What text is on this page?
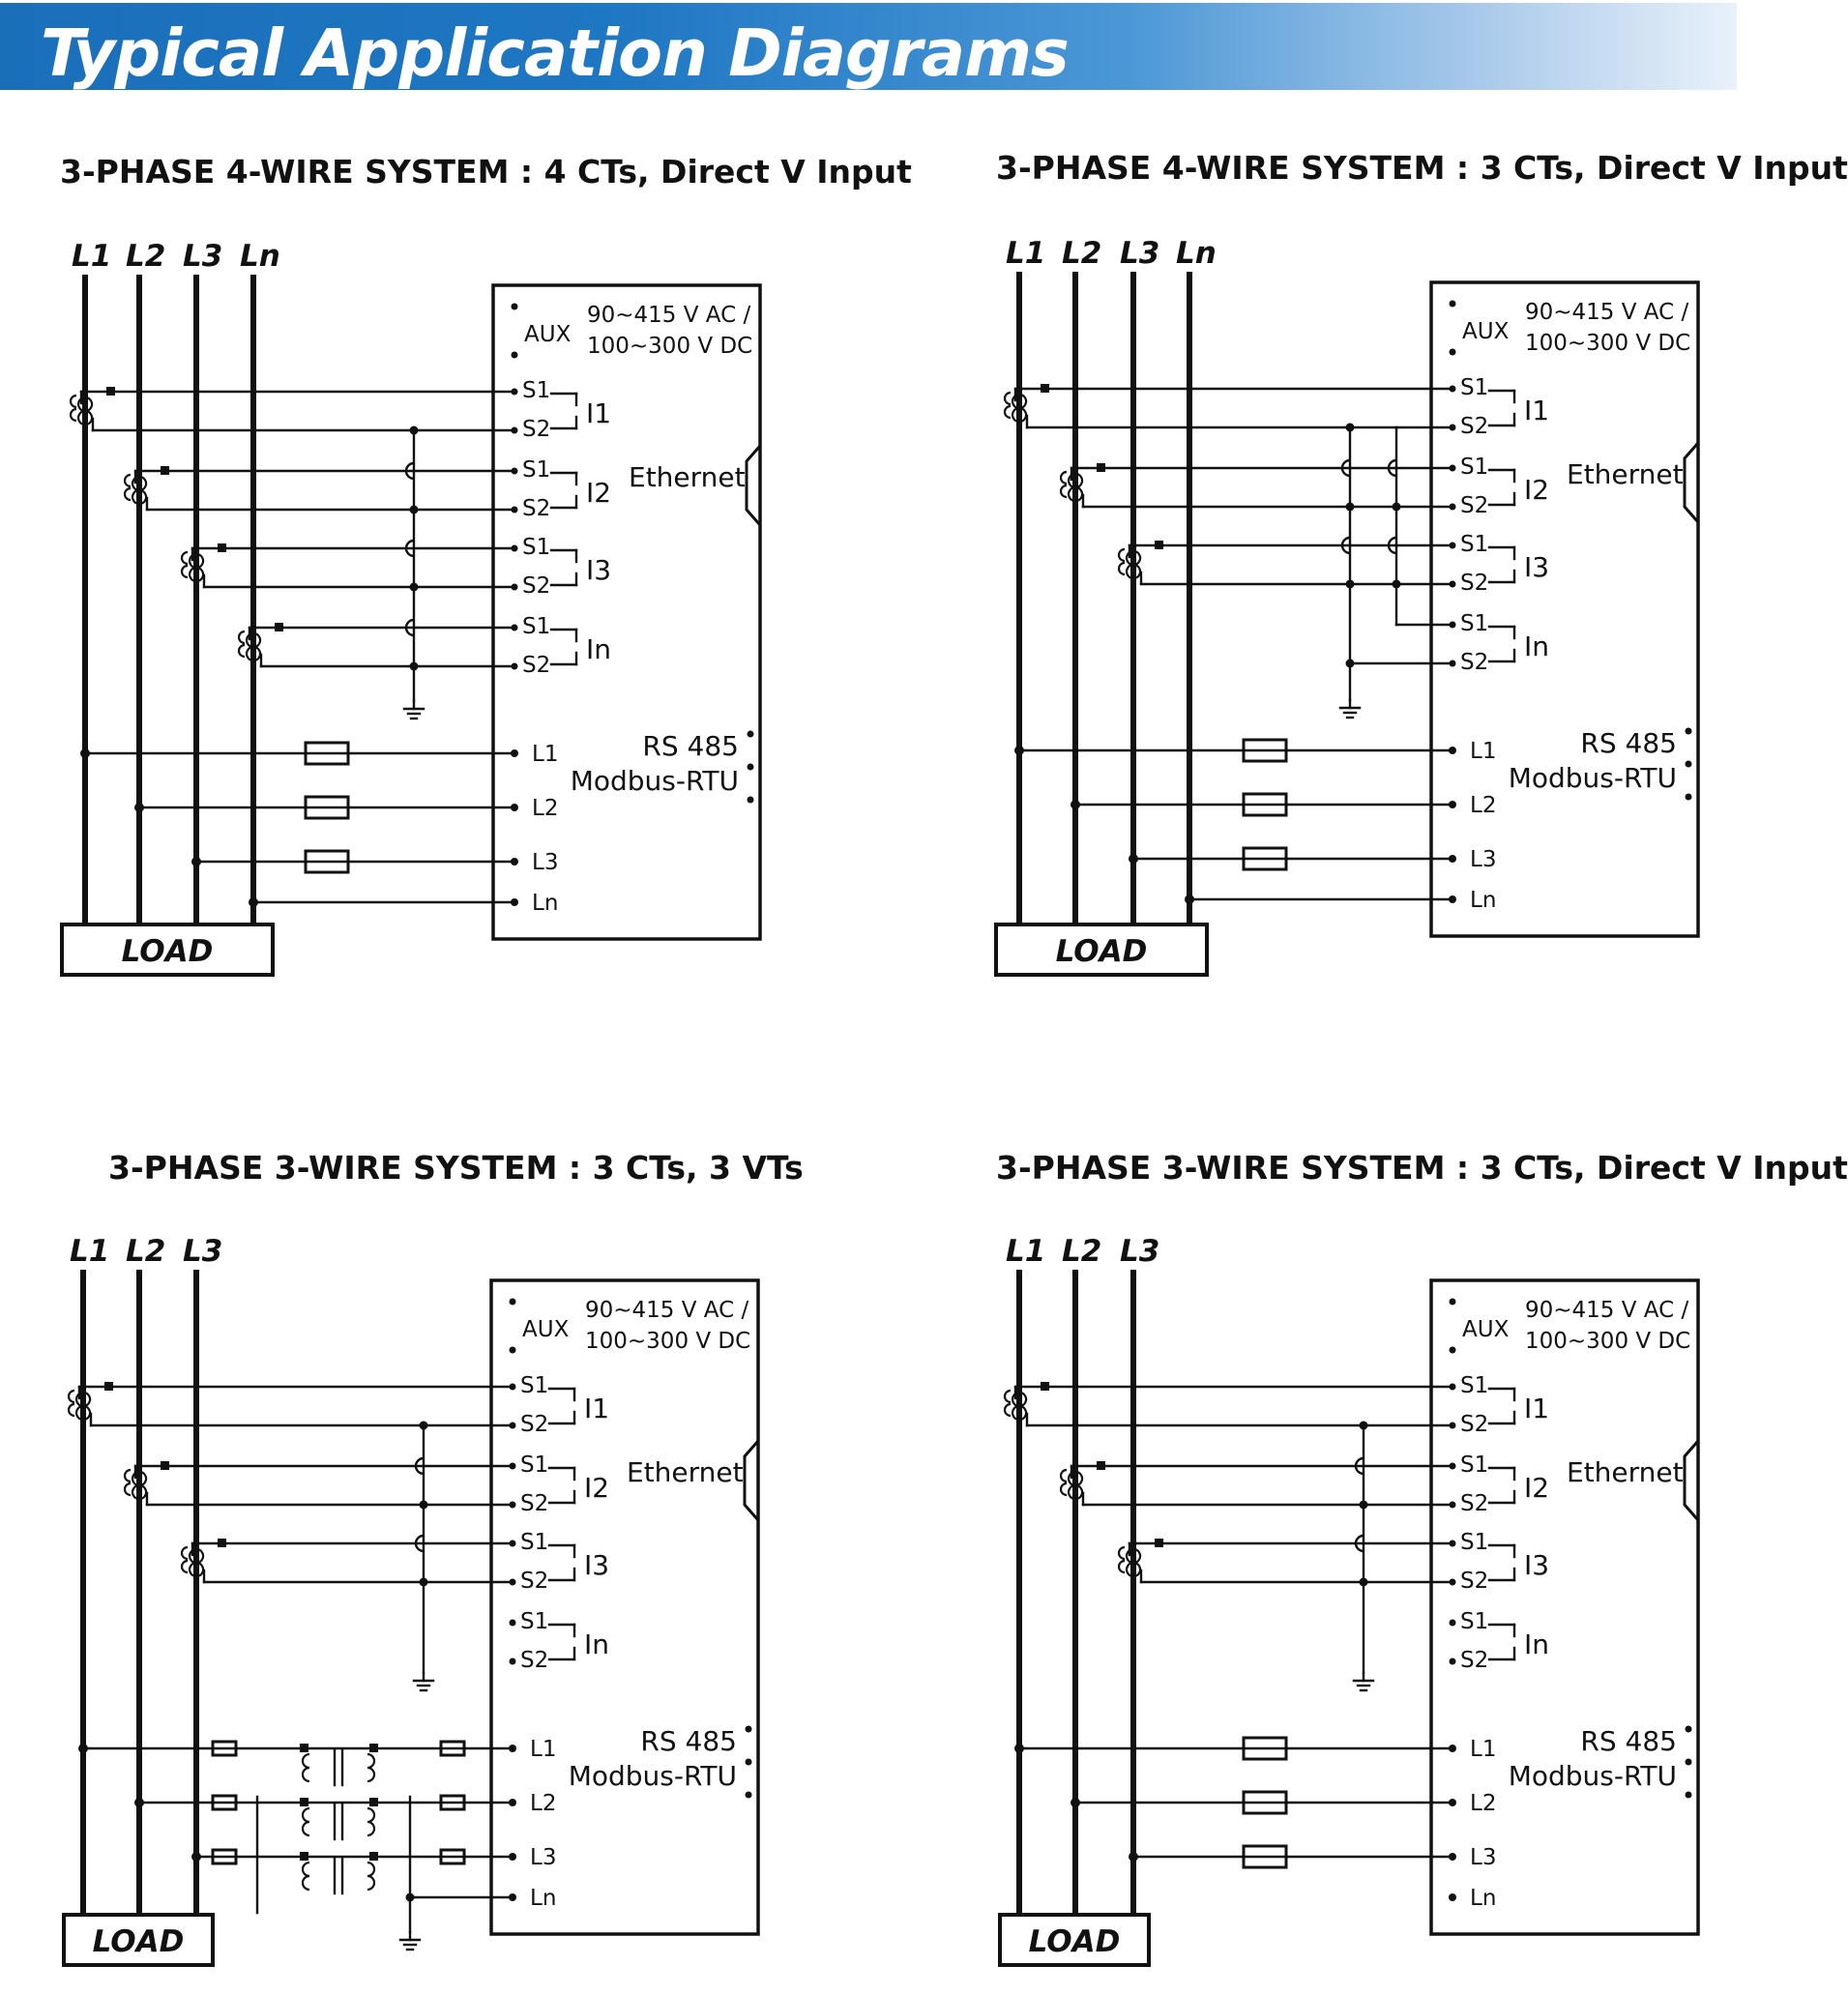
Typical Application Diagrams
3-PHASE 4-WIRE SYSTEM : 4 CTs, Direct V Input	3-PHASE 4-WIRE SYSTEM : 3 CTs, Direct V Input
3-PHASE 3-WIRE SYSTEM : 3 CTs, 3 VTs	3-PHASE 3-WIRE SYSTEM : 3 CTs, Direct V Input
L1 L2 L3 Ln
LOAD
AUX
90~415 V AC /
100~300 V DC
Ethernet
S1
S2 I1
S1
S2 I2
S1
S2 I3
S1
S2 In
RS 485
Modbus-RTU
L1
L2
L3
Ln
L1 L2 L3 Ln
LOAD
AUX
90~415 V AC /
100~300 V DC
Ethernet
S1
S2 I1
S1
S2 I2
S1
S2 I3
S1
S2 In
RS 485
Modbus-RTU
L1
L2
L3
Ln
L1 L2 L3
LOAD
AUX
90~415 V AC /
100~300 V DC
Ethernet
S1
S2 I1
S1
S2 I2
S1
S2 I3
S1
S2 In
RS 485
Modbus-RTU
L1
L2
L3
Ln
L1 L2 L3
LOAD
AUX
90~415 V AC /
100~300 V DC
Ethernet
S1
S2 I1
S1
S2 I2
S1
S2 I3
S1
S2 In
RS 485
Modbus-RTU
L1
L2
L3
Ln
